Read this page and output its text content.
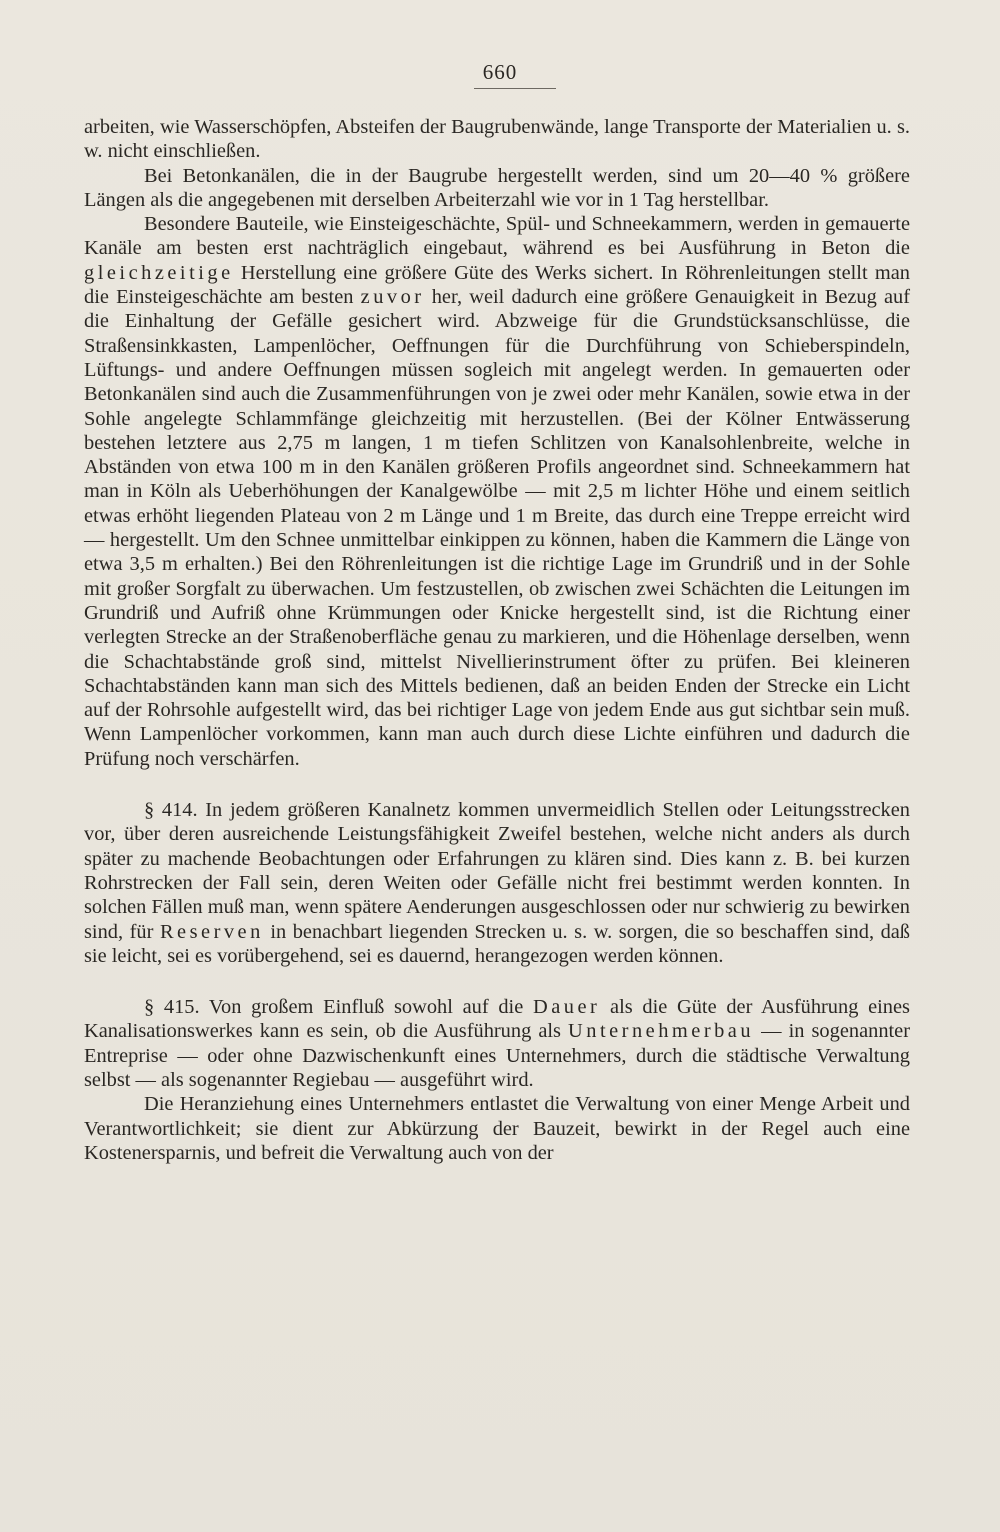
660

arbeiten, wie Wasserschöpfen, Absteifen der Baugrubenwände, lange Transporte der Materialien u. s. w. nicht einschließen.

Bei Betonkanälen, die in der Baugrube hergestellt werden, sind um 20—40 % größere Längen als die angegebenen mit derselben Arbeiterzahl wie vor in 1 Tag herstellbar.

Besondere Bauteile, wie Einsteigeschächte, Spül- und Schneekammern, werden in gemauerte Kanäle am besten erst nachträglich eingebaut, während es bei Ausführung in Beton die gleichzeitige Herstellung eine größere Güte des Werks sichert. In Röhrenleitungen stellt man die Einsteigeschächte am besten zuvor her, weil dadurch eine größere Genauigkeit in Bezug auf die Einhaltung der Gefälle gesichert wird. Abzweige für die Grundstücksanschlüsse, die Straßensinkkasten, Lampenlöcher, Oeffnungen für die Durchführung von Schieberspindeln, Lüftungs- und andere Oeffnungen müssen sogleich mit angelegt werden. In gemauerten oder Betonkanälen sind auch die Zusammenführungen von je zwei oder mehr Kanälen, sowie etwa in der Sohle angelegte Schlammfänge gleichzeitig mit herzustellen. (Bei der Kölner Entwässerung bestehen letztere aus 2,75 m langen, 1 m tiefen Schlitzen von Kanalsohlenbreite, welche in Abständen von etwa 100 m in den Kanälen größeren Profils angeordnet sind. Schneekammern hat man in Köln als Ueberhöhungen der Kanalgewölbe — mit 2,5 m lichter Höhe und einem seitlich etwas erhöht liegenden Plateau von 2 m Länge und 1 m Breite, das durch eine Treppe erreicht wird — hergestellt. Um den Schnee unmittelbar einkippen zu können, haben die Kammern die Länge von etwa 3,5 m erhalten.) Bei den Röhrenleitungen ist die richtige Lage im Grundriß und in der Sohle mit großer Sorgfalt zu überwachen. Um festzustellen, ob zwischen zwei Schächten die Leitungen im Grundriß und Aufriß ohne Krümmungen oder Knicke hergestellt sind, ist die Richtung einer verlegten Strecke an der Straßenoberfläche genau zu markieren, und die Höhenlage derselben, wenn die Schachtabstände groß sind, mittelst Nivellierinstrument öfter zu prüfen. Bei kleineren Schachtabständen kann man sich des Mittels bedienen, daß an beiden Enden der Strecke ein Licht auf der Rohrsohle aufgestellt wird, das bei richtiger Lage von jedem Ende aus gut sichtbar sein muß. Wenn Lampenlöcher vorkommen, kann man auch durch diese Lichte einführen und dadurch die Prüfung noch verschärfen.

§ 414. In jedem größeren Kanalnetz kommen unvermeidlich Stellen oder Leitungsstrecken vor, über deren ausreichende Leistungsfähigkeit Zweifel bestehen, welche nicht anders als durch später zu machende Beobachtungen oder Erfahrungen zu klären sind. Dies kann z. B. bei kurzen Rohrstrecken der Fall sein, deren Weiten oder Gefälle nicht frei bestimmt werden konnten. In solchen Fällen muß man, wenn spätere Aenderungen ausgeschlossen oder nur schwierig zu bewirken sind, für Reserven in benachbart liegenden Strecken u. s. w. sorgen, die so beschaffen sind, daß sie leicht, sei es vorübergehend, sei es dauernd, herangezogen werden können.

§ 415. Von großem Einfluß sowohl auf die Dauer als die Güte der Ausführung eines Kanalisationswerkes kann es sein, ob die Ausführung als Unternehmerbau — in sogenannter Entreprise — oder ohne Dazwischenkunft eines Unternehmers, durch die städtische Verwaltung selbst — als sogenannter Regiebau — ausgeführt wird.

Die Heranziehung eines Unternehmers entlastet die Verwaltung von einer Menge Arbeit und Verantwortlichkeit; sie dient zur Abkürzung der Bauzeit, bewirkt in der Regel auch eine Kostenersparnis, und befreit die Verwaltung auch von der
